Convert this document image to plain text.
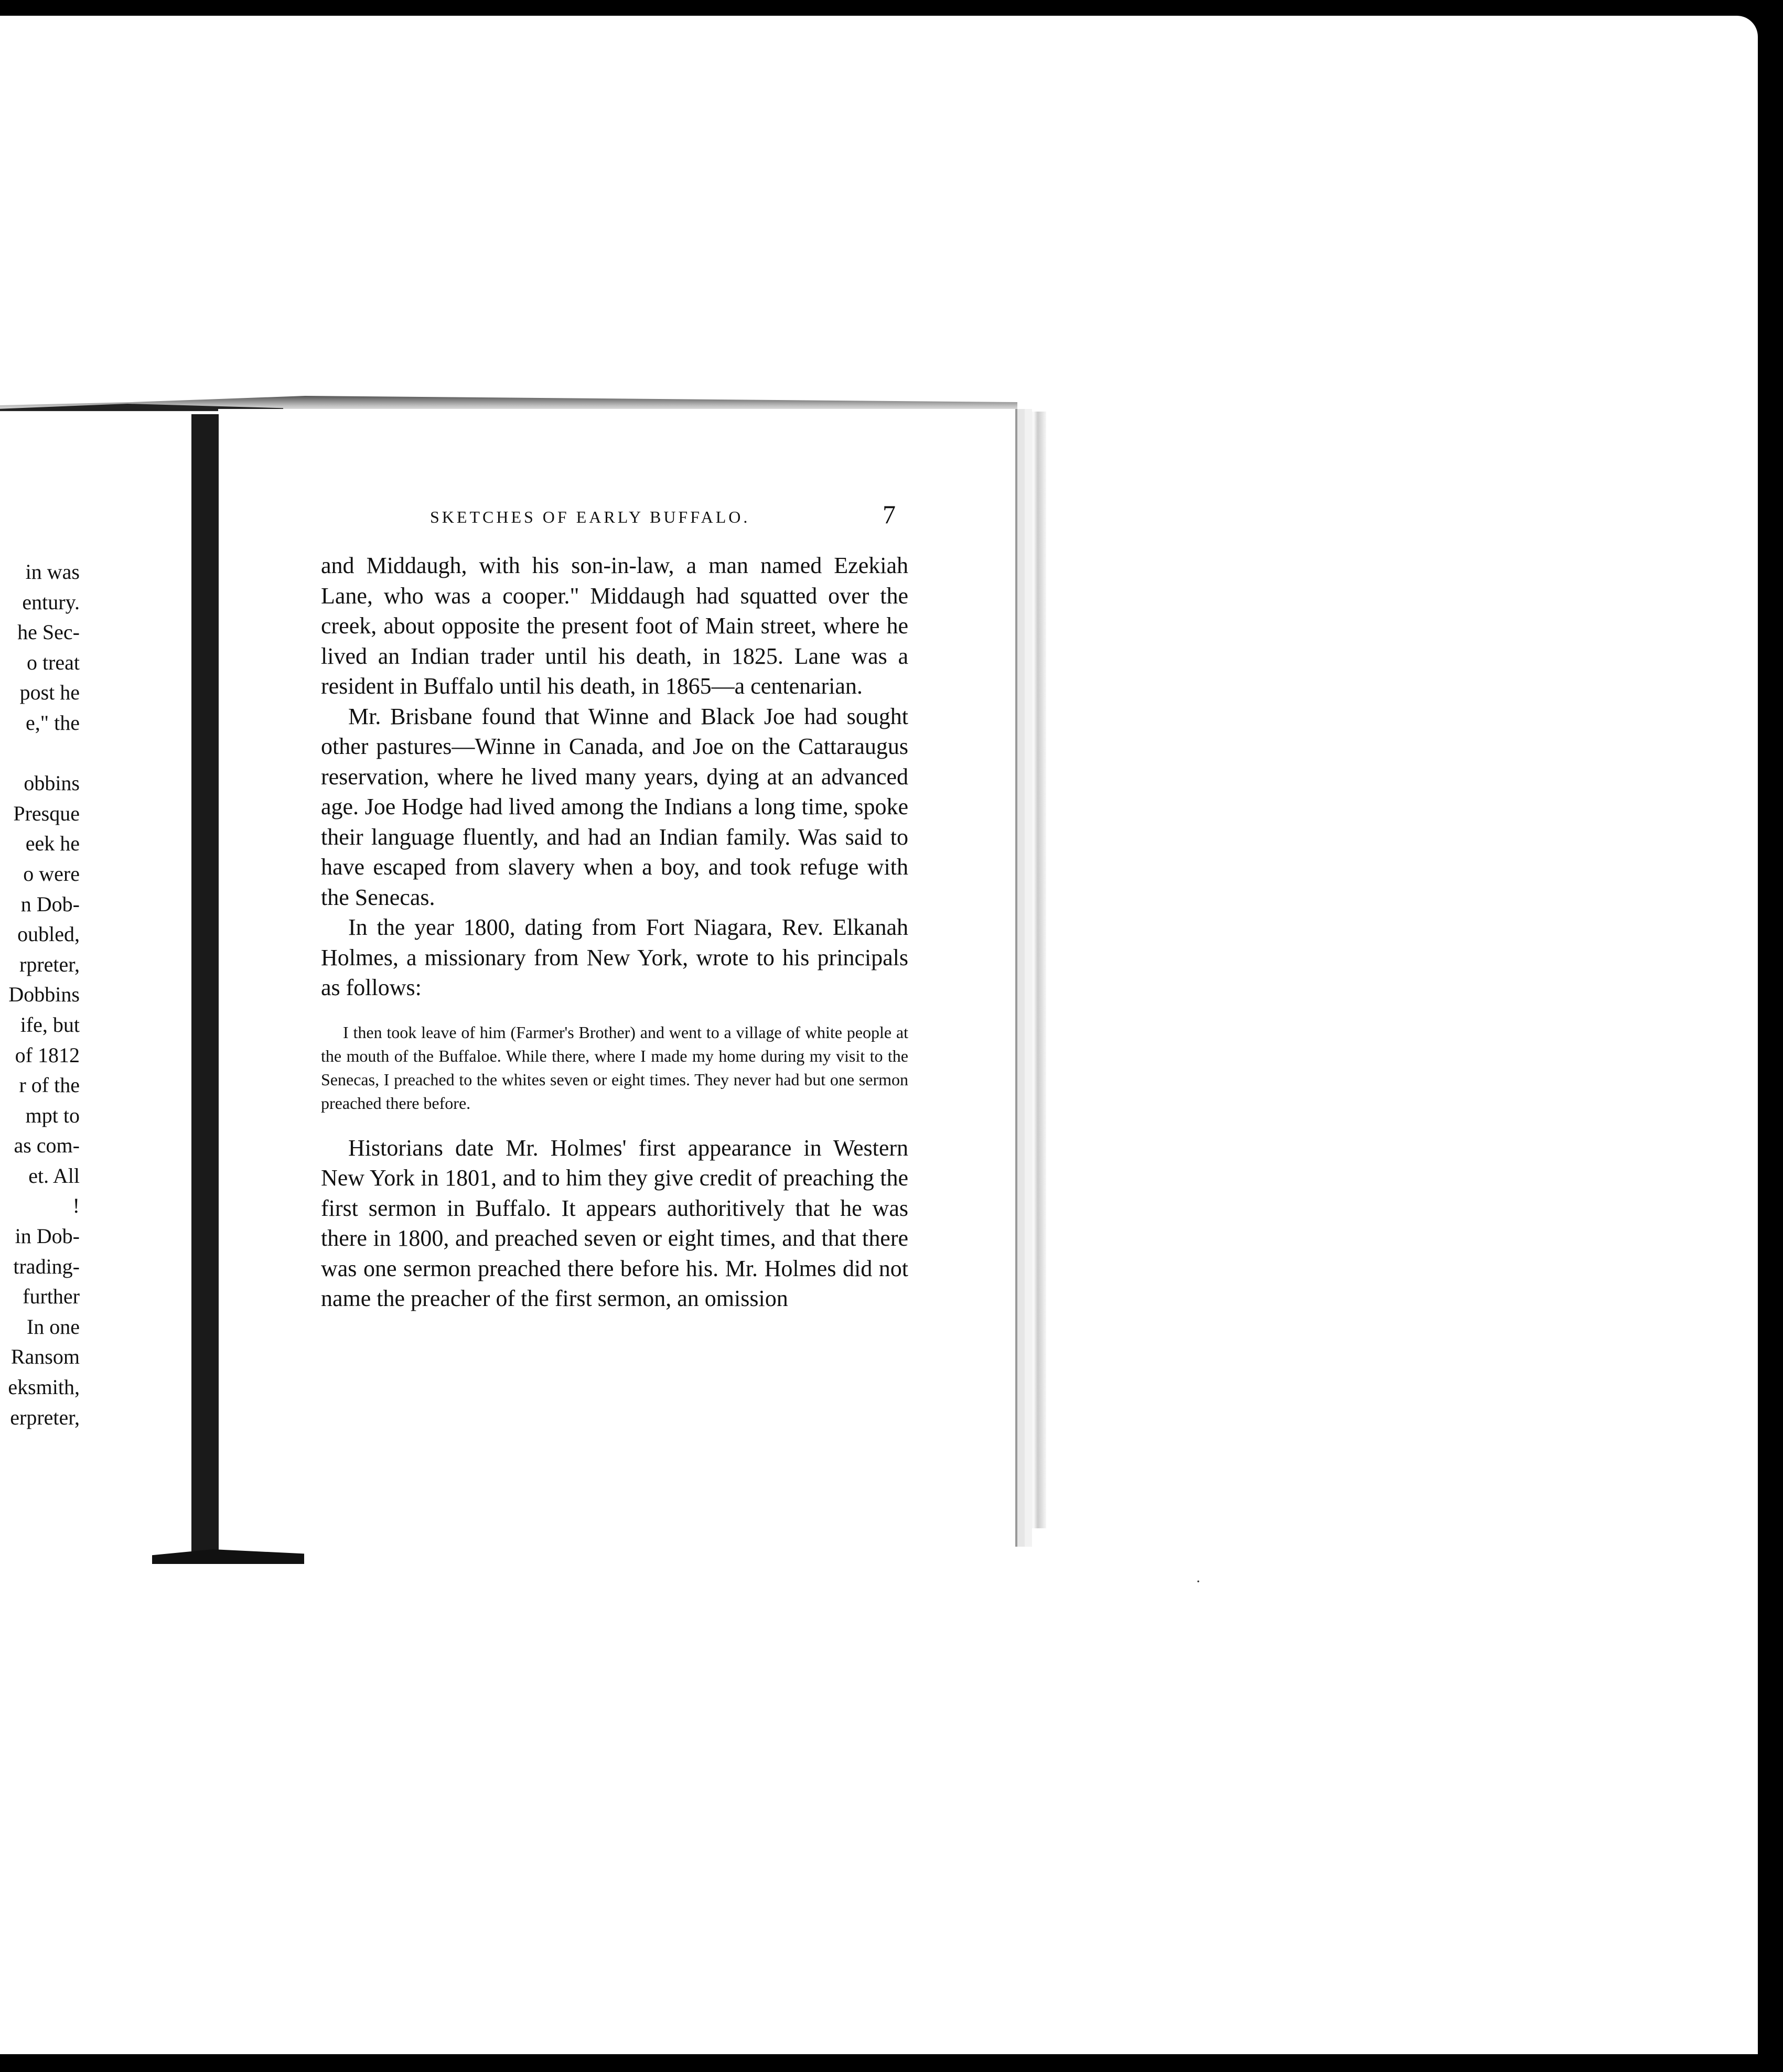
in was
entury.
he Sec-
o treat
post he
e," the
obbins
Presque
eek he
o were
n Dob-
oubled,
rpreter,
Dobbins
ife, but
of 1812
r of the
mpt to
as com-
et. All
!
in Dob-
trading-
further
In one
Ransom
eksmith,
erpreter,
SKETCHES OF EARLY BUFFALO.	7

and Middaugh, with his son-in-law, a man named Ezekiah Lane, who was a cooper." Middaugh had squatted over the creek, about opposite the present foot of Main street, where he lived an Indian trader until his death, in 1825. Lane was a resident in Buffalo until his death, in 1865—a centenarian.

Mr. Brisbane found that Winne and Black Joe had sought other pastures—Winne in Canada, and Joe on the Cattaraugus reservation, where he lived many years, dying at an advanced age. Joe Hodge had lived among the Indians a long time, spoke their language fluently, and had an Indian family. Was said to have escaped from slavery when a boy, and took refuge with the Senecas.

In the year 1800, dating from Fort Niagara, Rev. Elkanah Holmes, a missionary from New York, wrote to his principals as follows:

I then took leave of him (Farmer's Brother) and went to a village of white people at the mouth of the Buffaloe. While there, where I made my home during my visit to the Senecas, I preached to the whites seven or eight times. They never had but one sermon preached there before.

Historians date Mr. Holmes' first appearance in Western New York in 1801, and to him they give credit of preaching the first sermon in Buffalo. It appears authoritively that he was there in 1800, and preached seven or eight times, and that there was one sermon preached there before his. Mr. Holmes did not name the preacher of the first sermon, an omission

·
